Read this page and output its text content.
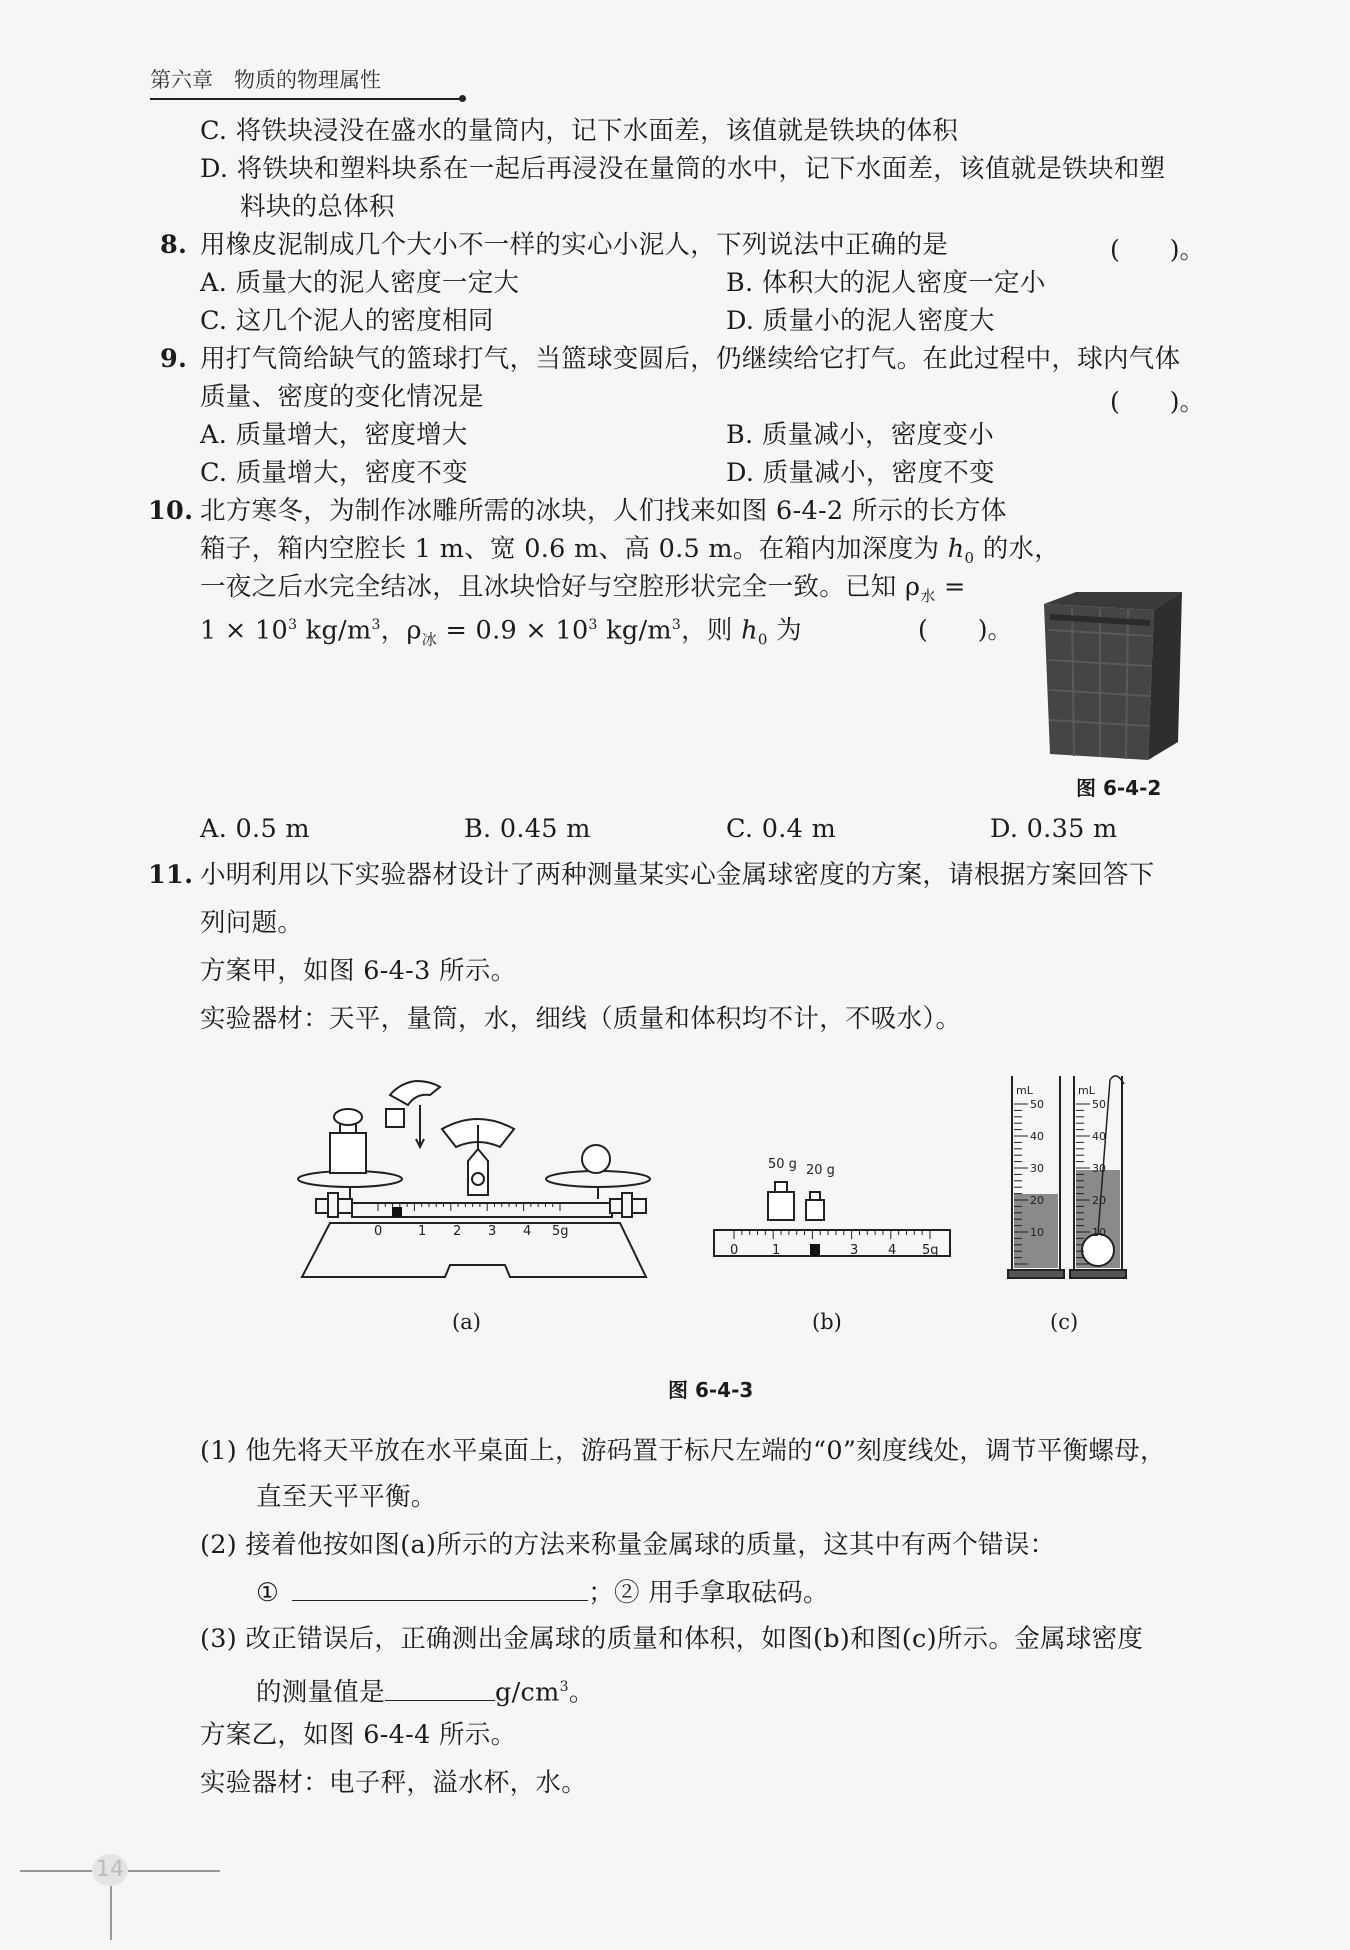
第六章　物质的物理属性
C. 将铁块浸没在盛水的量筒内，记下水面差，该值就是铁块的体积
D. 将铁块和塑料块系在一起后再浸没在量筒的水中，记下水面差，该值就是铁块和塑
料块的总体积
8. 用橡皮泥制成几个大小不一样的实心小泥人，下列说法中正确的是	(　　)。
A. 质量大的泥人密度一定大	B. 体积大的泥人密度一定小
C. 这几个泥人的密度相同	D. 质量小的泥人密度大
9. 用打气筒给缺气的篮球打气，当篮球变圆后，仍继续给它打气。在此过程中，球内气体
质量、密度的变化情况是	(　　)。
A. 质量增大，密度增大	B. 质量减小，密度变小
C. 质量增大，密度不变	D. 质量减小，密度不变
10. 北方寒冬，为制作冰雕所需的冰块，人们找来如图 6-4-2 所示的长方体
箱子，箱内空腔长 1 m、宽 0.6 m、高 0.5 m。在箱内加深度为 $h_0$ 的水，
一夜之后水完全结冰，且冰块恰好与空腔形状完全一致。已知 $\rho_水$ =
$1 \times 10^3$ $kg/m^3$，$\rho_冰 = 0.9 \times 10^3$ $kg/m^3$，则 $h_0$ 为	(　　)。
图 6-4-2
A. 0.5 m	B. 0.45 m	C. 0.4 m	D. 0.35 m
11. 小明利用以下实验器材设计了两种测量某实心金属球密度的方案，请根据方案回答下
列问题。
方案甲，如图 6-4-3 所示。
实验器材：天平，量筒，水，细线（质量和体积均不计，不吸水）。
0	1 2 3 4 5g
50 g 20 g
0	1 2 3 4 5g
mL	mL
50
40
30
20
10
50
40
30
20
10
(a)	(b)	(c)
图 6-4-3
(1) 他先将天平放在水平桌面上，游码置于标尺左端的“0”刻度线处，调节平衡螺母，
直至天平平衡。
(2) 接着他按如图(a)所示的方法来称量金属球的质量，这其中有两个错误：
① 	；② 用手拿取砝码。
(3) 改正错误后，正确测出金属球的质量和体积，如图(b)和图(c)所示。金属球密度
的测量值是	$g/cm^3$。
方案乙，如图 6-4-4 所示。
实验器材：电子秤，溢水杯，水。
14
